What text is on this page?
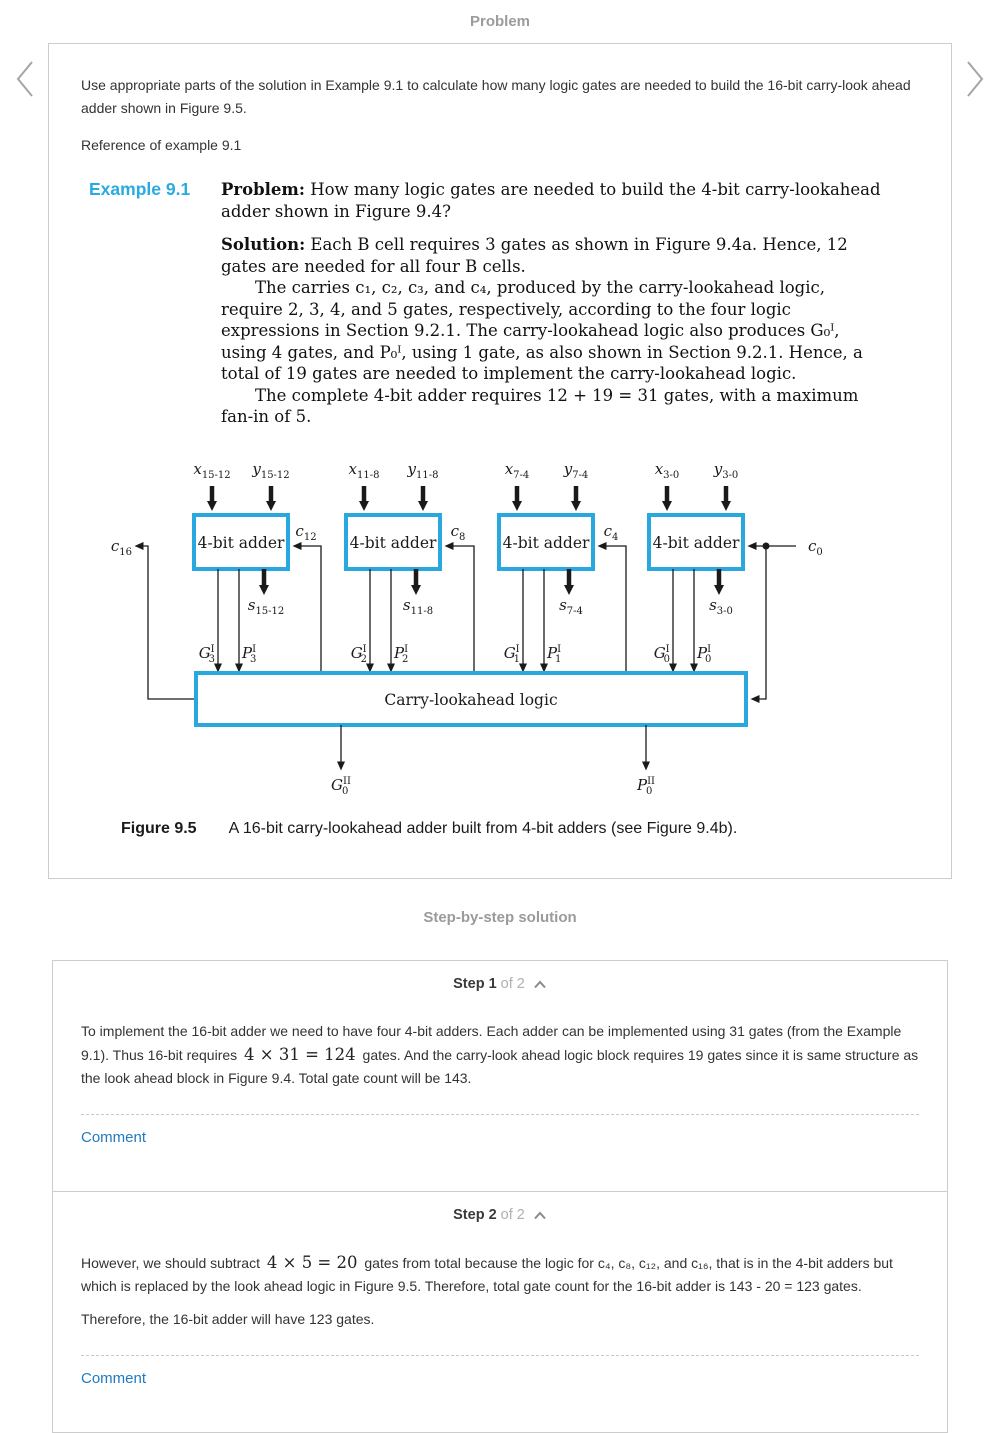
Problem

Use appropriate parts of the solution in Example 9.1 to calculate how many logic gates are needed to build the 16-bit carry-look ahead adder shown in Figure 9.5.

Reference of example 9.1

Example 9.1	Problem: How many logic gates are needed to build the 4-bit carry-lookahead adder shown in Figure 9.4?

Solution: Each B cell requires 3 gates as shown in Figure 9.4a. Hence, 12 gates are needed for all four B cells.

The carries c₁, c₂, c₃, and c₄, produced by the carry-lookahead logic, require 2, 3, 4, and 5 gates, respectively, according to the four logic expressions in Section 9.2.1. The carry-lookahead logic also produces G₀ᴵ, using 4 gates, and P₀ᴵ, using 1 gate, as also shown in Section 9.2.1. Hence, a total of 19 gates are needed to implement the carry-lookahead logic.

The complete 4-bit adder requires 12 + 19 = 31 gates, with a maximum fan-in of 5.

$x_{15-12}$ $y_{15-12}$
4-bit adder
$s_{15-12}$
$G^I$ 3 $P^I$ 3
$x_{11-8}$ $y_{11-8}$
4-bit adder
$s_{11-8}$
$G^I$ 2 $P^I$ 2
$x_{7-4}$ $y_{7-4}$
4-bit adder
$s_{7-4}$
$G^I$ 1 $P^I$ 1
$x_{3-0}$ $y_{3-0}$
4-bit adder
$s_{3-0}$
$G^I$ 0 $P^I$ 0
$c_{16}$
$c_{12}$	$c_8$	$c_4$	$c_0$
Carry-lookahead logic
$G^{II}$ 0	$P^{II}$ 0
Figure 9.5 A 16-bit carry-lookahead adder built from 4-bit adders (see Figure 9.4b).
Step-by-step solution
Step 1 of 2

To implement the 16-bit adder we need to have four 4-bit adders. Each adder can be implemented using 31 gates (from the Example 9.1). Thus 16-bit requires 4 × 31 = 124 gates. And the carry-look ahead logic block requires 19 gates since it is same structure as the look ahead block in Figure 9.4. Total gate count will be 143.

Comment
Step 2 of 2

However, we should subtract 4 × 5 = 20 gates from total because the logic for c₄, c₈, c₁₂, and c₁₆, that is in the 4-bit adders but which is replaced by the look ahead logic in Figure 9.5. Therefore, total gate count for the 16-bit adder is 143 - 20 = 123 gates.

Therefore, the 16-bit adder will have 123 gates.

Comment
